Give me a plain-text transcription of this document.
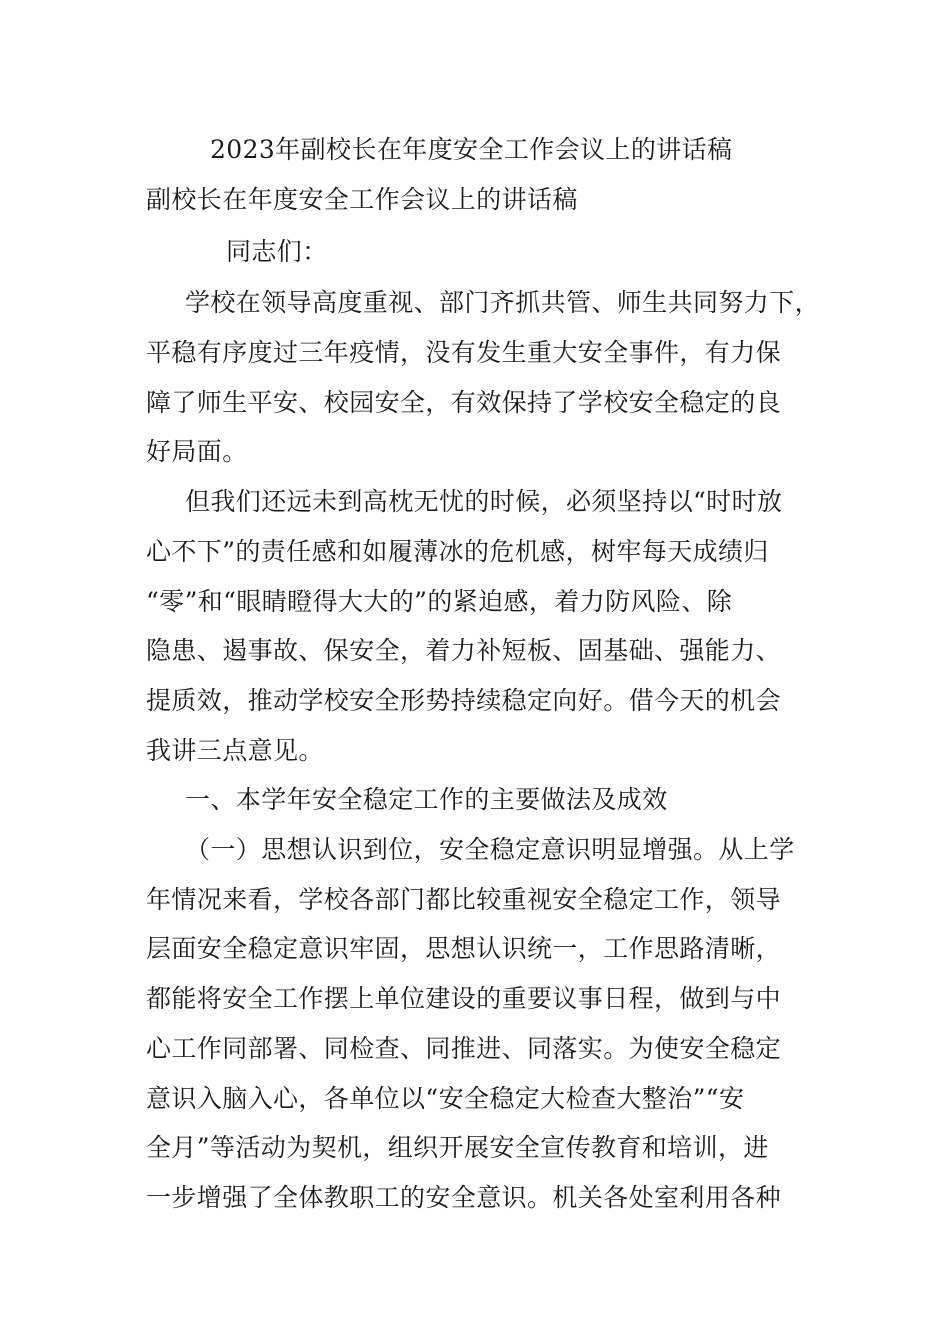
2023年副校长在年度安全工作会议上的讲话稿
副校长在年度安全工作会议上的讲话稿
同志们：
学校在领导高度重视、部门齐抓共管、师生共同努力下，
平稳有序度过三年疫情，没有发生重大安全事件，有力保
障了师生平安、校园安全，有效保持了学校安全稳定的良
好局面。
但我们还远未到高枕无忧的时候，必须坚持以“时时放
心不下”的责任感和如履薄冰的危机感，树牢每天成绩归
“零”和“眼睛瞪得大大的”的紧迫感，着力防风险、除
隐患、遏事故、保安全，着力补短板、固基础、强能力、
提质效，推动学校安全形势持续稳定向好。借今天的机会
我讲三点意见。
一、本学年安全稳定工作的主要做法及成效
（一）思想认识到位，安全稳定意识明显增强。从上学
年情况来看，学校各部门都比较重视安全稳定工作，领导
层面安全稳定意识牢固，思想认识统一，工作思路清晰，
都能将安全工作摆上单位建设的重要议事日程，做到与中
心工作同部署、同检查、同推进、同落实。为使安全稳定
意识入脑入心，各单位以“安全稳定大检查大整治”“安
全月”等活动为契机，组织开展安全宣传教育和培训，进
一步增强了全体教职工的安全意识。机关各处室利用各种
